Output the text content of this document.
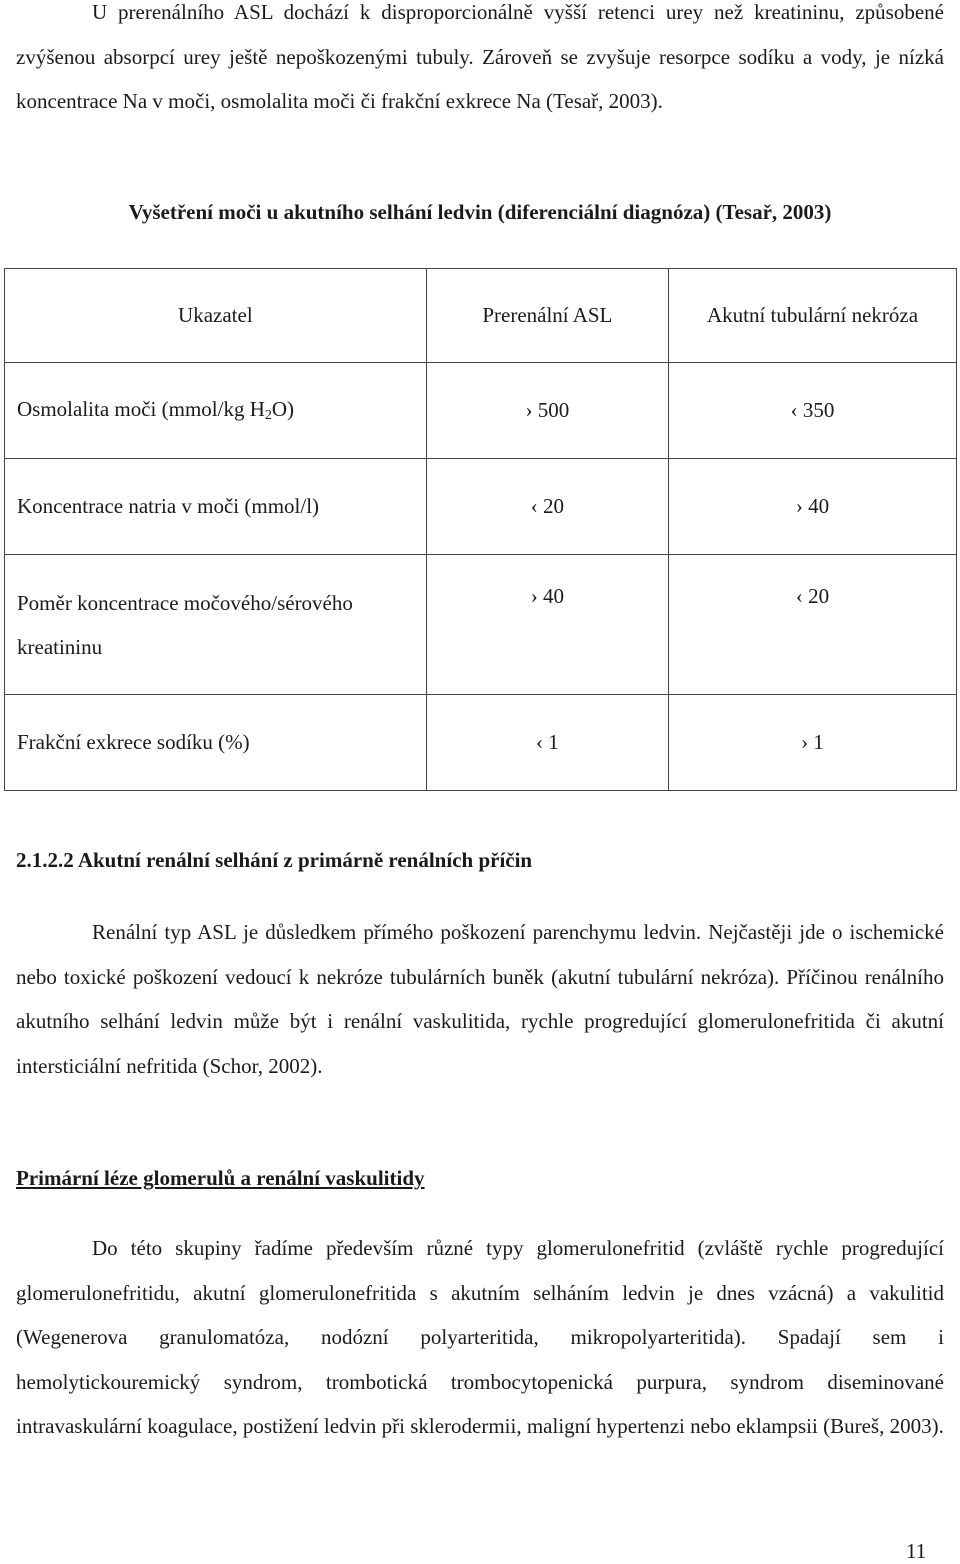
U prerenálního ASL dochází k disproporcionálně vyšší retenci urey než kreatininu, způsobené zvýšenou absorpcí urey ještě nepoškozenými tubuly. Zároveň se zvyšuje resorpce sodíku a vody, je nízká koncentrace Na v moči, osmolalita moči či frakční exkrece Na (Tesař, 2003).

Vyšetření moči u akutního selhání ledvin (diferenciální diagnóza) (Tesař, 2003)

Ukazatel	Prerenální ASL	Akutní tubulární nekróza
Osmolalita moči (mmol/kg $H_2O$)	› 500	‹ 350
Koncentrace natria v moči (mmol/l)	‹ 20	› 40
Poměr koncentrace močového/sérového kreatininu	› 40	‹ 20
Frakční exkrece sodíku (%)	‹ 1	› 1

2.1.2.2 Akutní renální selhání z primárně renálních příčin

Renální typ ASL je důsledkem přímého poškození parenchymu ledvin. Nejčastěji jde o ischemické nebo toxické poškození vedoucí k nekróze tubulárních buněk (akutní tubulární nekróza). Příčinou renálního akutního selhání ledvin může být i renální vaskulitida, rychle progredující glomerulonefritida či akutní intersticiální nefritida (Schor, 2002).

Primární léze glomerulů a renální vaskulitidy

Do této skupiny řadíme především různé typy glomerulonefritid (zvláště rychle progredující glomerulonefritidu, akutní glomerulonefritida s akutním selháním ledvin je dnes vzácná) a vakulitid (Wegenerova granulomatóza, nodózní polyarteritida, mikropolyarteritida). Spadají sem i hemolytickouremický syndrom, trombotická trombocytopenická purpura, syndrom diseminované intravaskulární koagulace, postižení ledvin při sklerodermii, maligní hypertenzi nebo eklampsii (Bureš, 2003).

11
